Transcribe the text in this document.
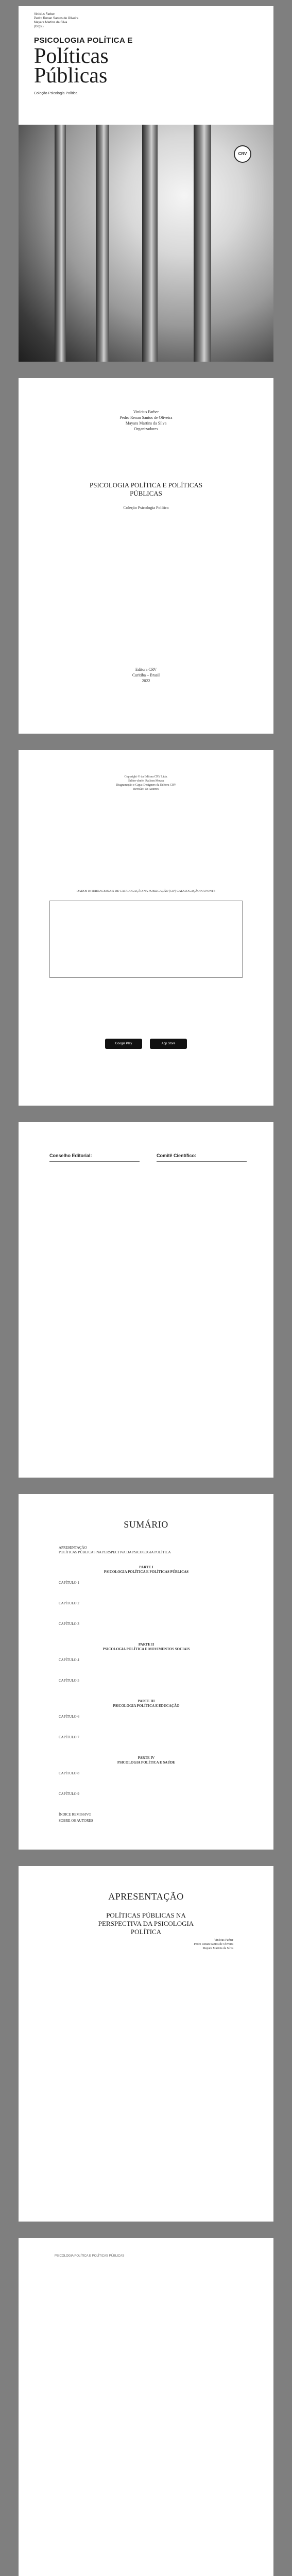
Vinícius Farber
Pedro Renan Santos de Oliveira
Mayara Martins da Silva
(Orgs.)
PSICOLOGIA POLÍTICA E
Políticas
Públicas
Coleção Psicologia Política
CRV
Vinícius Farber
Pedro Renan Santos de Oliveira
Mayara Martins da Silva
Organizadores
PSICOLOGIA POLÍTICA E POLÍTICAS PÚBLICAS
Coleção Psicologia Política
Editora CRV
Curitiba – Brasil
2022
Copyright © da Editora CRV Ltda.
Editor-chefe: Railson Moura
Diagramação e Capa: Designers da Editora CRV
Revisão: Os Autores
DADOS INTERNACIONAIS DE CATALOGAÇÃO NA PUBLICAÇÃO (CIP) CATALOGAÇÃO NA FONTE
Google Play	App Store
Conselho Editorial:	Comitê Científico:
SUMÁRIO
APRESENTAÇÃO
POLÍTICAS PÚBLICAS NA PERSPECTIVA DA PSICOLOGIA POLÍTICA
PARTE I
PSICOLOGIA POLÍTICA E POLÍTICAS PÚBLICAS
CAPÍTULO 1
CAPÍTULO 2
CAPÍTULO 3
PARTE II
PSICOLOGIA POLÍTICA E MOVIMENTOS SOCIAIS
CAPÍTULO 4
CAPÍTULO 5
PARTE III
PSICOLOGIA POLÍTICA E EDUCAÇÃO
CAPÍTULO 6
CAPÍTULO 7
PARTE IV
PSICOLOGIA POLÍTICA E SAÚDE
CAPÍTULO 8
CAPÍTULO 9
ÍNDICE REMISSIVO
SOBRE OS AUTORES
APRESENTAÇÃO
POLÍTICAS PÚBLICAS NA PERSPECTIVA DA PSICOLOGIA POLÍTICA
Vinícius Farber
Pedro Renan Santos de Oliveira
Mayara Martins da Silva
PSICOLOGIA POLÍTICA E POLÍTICAS PÚBLICAS
